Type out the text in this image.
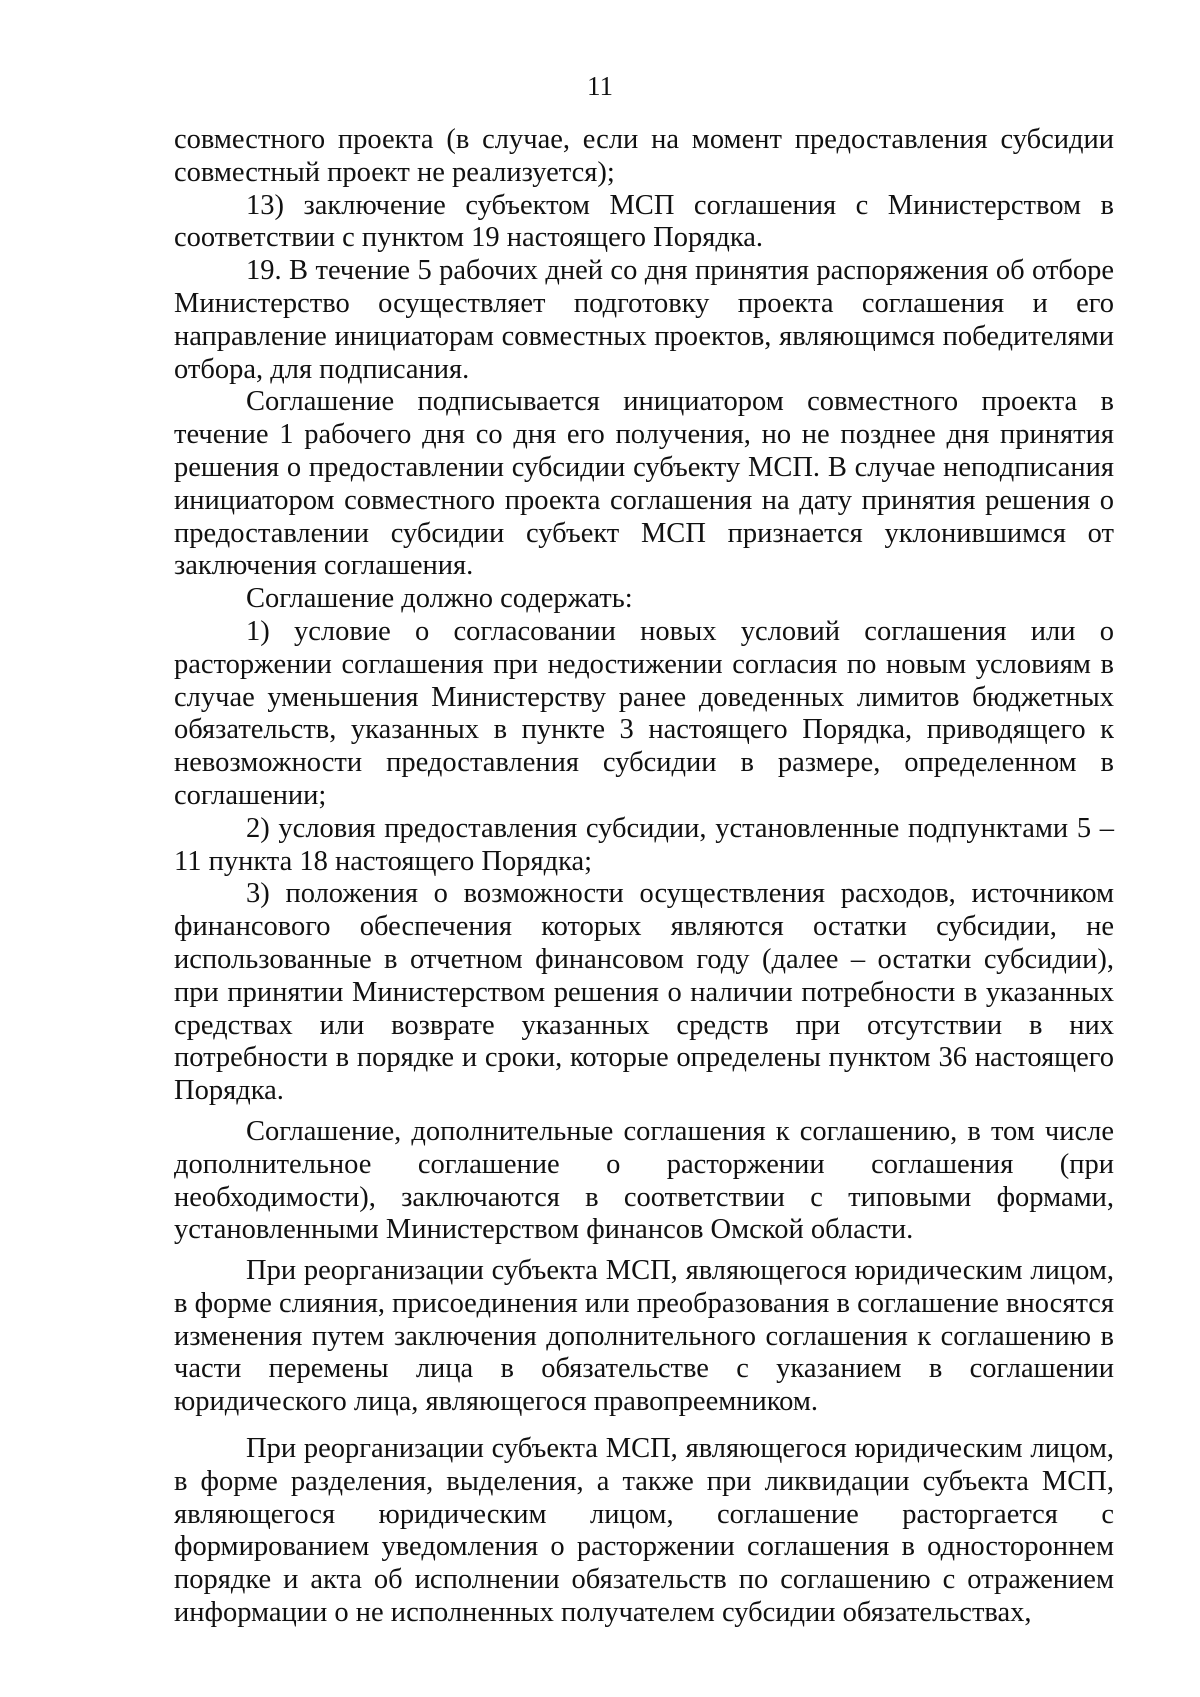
11

совместного проекта (в случае, если на момент предоставления субсидии совместный проект не реализуется);

13) заключение субъектом МСП соглашения с Министерством в соответствии с пунктом 19 настоящего Порядка.

19. В течение 5 рабочих дней со дня принятия распоряжения об отборе Министерство осуществляет подготовку проекта соглашения и его направление инициаторам совместных проектов, являющимся победителями отбора, для подписания.

Соглашение подписывается инициатором совместного проекта в течение 1 рабочего дня со дня его получения, но не позднее дня принятия решения о предоставлении субсидии субъекту МСП. В случае неподписания инициатором совместного проекта соглашения на дату принятия решения о предоставлении субсидии субъект МСП признается уклонившимся от заключения соглашения.

Соглашение должно содержать:

1) условие о согласовании новых условий соглашения или о расторжении соглашения при недостижении согласия по новым условиям в случае уменьшения Министерству ранее доведенных лимитов бюджетных обязательств, указанных в пункте 3 настоящего Порядка, приводящего к невозможности предоставления субсидии в размере, определенном в соглашении;

2) условия предоставления субсидии, установленные подпунктами 5 – 11 пункта 18 настоящего Порядка;

3) положения о возможности осуществления расходов, источником финансового обеспечения которых являются остатки субсидии, не использованные в отчетном финансовом году (далее – остатки субсидии), при принятии Министерством решения о наличии потребности в указанных средствах или возврате указанных средств при отсутствии в них потребности в порядке и сроки, которые определены пунктом 36 настоящего Порядка.

Соглашение, дополнительные соглашения к соглашению, в том числе дополнительное соглашение о расторжении соглашения (при необходимости), заключаются в соответствии с типовыми формами, установленными Министерством финансов Омской области.

При реорганизации субъекта МСП, являющегося юридическим лицом, в форме слияния, присоединения или преобразования в соглашение вносятся изменения путем заключения дополнительного соглашения к соглашению в части перемены лица в обязательстве с указанием в соглашении юридического лица, являющегося правопреемником.

При реорганизации субъекта МСП, являющегося юридическим лицом, в форме разделения, выделения, а также при ликвидации субъекта МСП, являющегося юридическим лицом, соглашение расторгается с формированием уведомления о расторжении соглашения в одностороннем порядке и акта об исполнении обязательств по соглашению с отражением информации о не исполненных получателем субсидии обязательствах,
